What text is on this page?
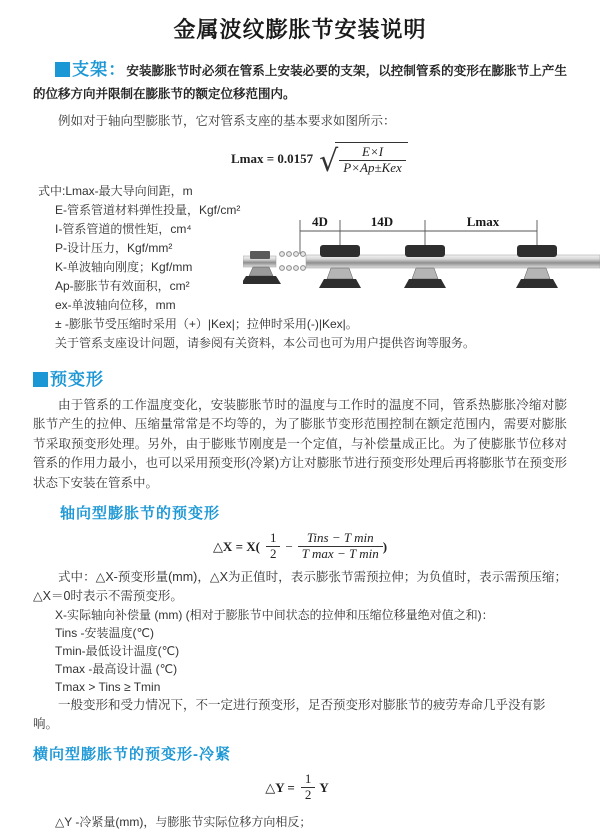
金属波纹膨胀节安装说明

支架：安装膨胀节时必须在管系上安装必要的支架，以控制管系的变形在膨胀节上产生的位移方向并限制在膨胀节的额定位移范围内。

例如对于轴向型膨胀节，它对管系支座的基本要求如图所示：

Lmax = 0.0157 √ $\frac{E\times I}{\text{P×Ap±Kex}}$
式中:Lmax-最大导向间距，m
E-管系管道材料弹性投量，Kgf/cm²
I-管系管道的惯性矩，cm⁴
P-设计压力，Kgf/mm²
K-单波轴向刚度；Kgf/mm
Ap-膨胀节有效面积，cm²
ex-单波轴向位移，mm
± -膨胀节受压缩时采用（+）|Kex|；拉伸时采用(-)|Kex|。
关于管系支座设计问题，请参阅有关资料，本公司也可为用户提供咨询等服务。
4D	14D	Lmax
预变形

由于管系的工作温度变化，安装膨胀节时的温度与工作时的温度不同，管系热膨胀冷缩对膨胀节产生的拉伸、压缩量常常是不均等的，为了膨胀节变形范围控制在额定范围内，需要对膨胀节采取预变形处理。另外，由于膨账节刚度是一个定值，与补偿量成正比。为了使膨胀节位移对管系的作用力最小，也可以采用预变形(冷紧)方让对膨胀节进行预变形处理后再将膨胀节在预变形状态下安装在管系中。

轴向型膨胀节的预变形
△X = $X( \frac{1}{2} - \frac{\text{Tins − T min}}{\text{T max − T min}}$ )

式中：△X-预变形量(mm)，△X为正值时，表示膨张节需预拉伸；为负值时，表示需预压缩；△X＝0时表示不需预变形。

X-实际轴向补偿量 (mm) (相对于膨胀节中间状态的拉伸和压缩位移量绝对值之和)：
Tins -安装温度(℃)
Tmin-最低设计温度(℃)
Tmax -最高设计温 (℃)
Tmax > Tins ≥ Tmin

一般变形和受力情况下，不一定进行预变形，足否预变形对膨胀节的疲劳寿命几乎没有影响。

横向型膨胀节的预变形-冷紧
△Y = $\frac{1}{2}$ Y
△Y -冷紧量(mm)，与膨胀节实际位移方向相反；
